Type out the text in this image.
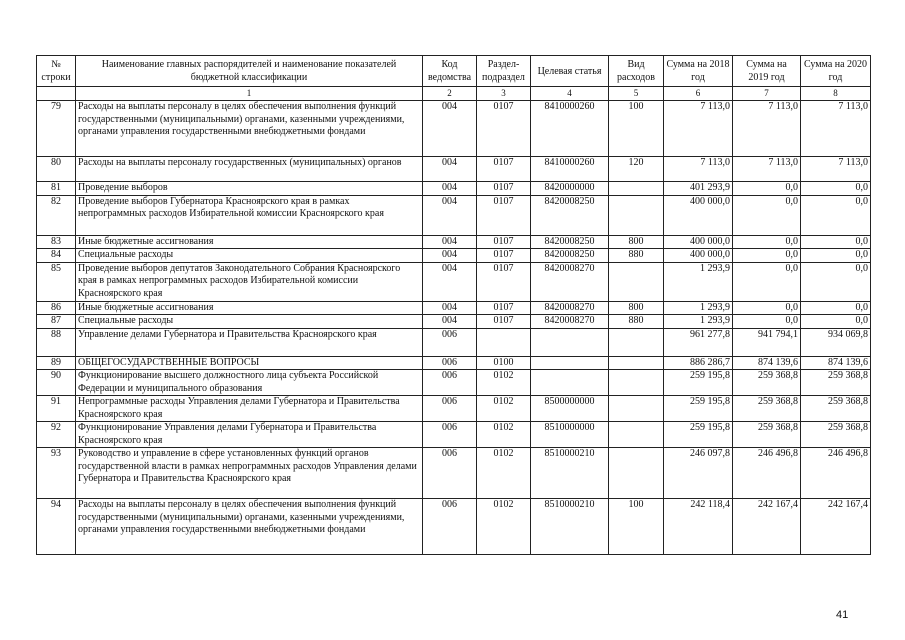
№ строки	Наименование главных распорядителей и наименование показателей бюджетной классификации	Код ведомства	Раздел-подраздел	Целевая статья	Вид расходов	Сумма на 2018 год	Сумма на 2019 год	Сумма на 2020 год
	1	2	3	4	5	6	7	8
79	Расходы на выплаты персоналу в целях обеспечения выполнения функций государственными (муниципальными) органами, казенными учреждениями, органами управления государственными внебюджетными фондами	004	0107	8410000260	100	7 113,0	7 113,0	7 113,0
80	Расходы на выплаты персоналу государственных (муниципальных) органов	004	0107	8410000260	120	7 113,0	7 113,0	7 113,0
81	Проведение выборов	004	0107	8420000000		401 293,9	0,0	0,0
82	Проведение выборов Губернатора Красноярского края в рамках непрограммных расходов Избирательной комиссии Красноярского края	004	0107	8420008250		400 000,0	0,0	0,0
83	Иные бюджетные ассигнования	004	0107	8420008250	800	400 000,0	0,0	0,0
84	Специальные расходы	004	0107	8420008250	880	400 000,0	0,0	0,0
85	Проведение выборов депутатов Законодательного Собрания Красноярского края в рамках непрограммных расходов Избирательной комиссии Красноярского края	004	0107	8420008270		1 293,9	0,0	0,0
86	Иные бюджетные ассигнования	004	0107	8420008270	800	1 293,9	0,0	0,0
87	Специальные расходы	004	0107	8420008270	880	1 293,9	0,0	0,0
88	Управление делами Губернатора и Правительства Красноярского края	006				961 277,8	941 794,1	934 069,8
89	ОБЩЕГОСУДАРСТВЕННЫЕ ВОПРОСЫ	006	0100			886 286,7	874 139,6	874 139,6
90	Функционирование высшего должностного лица субъекта Российской Федерации и муниципального образования	006	0102			259 195,8	259 368,8	259 368,8
91	Непрограммные расходы Управления делами Губернатора и Правительства Красноярского края	006	0102	8500000000		259 195,8	259 368,8	259 368,8
92	Функционирование Управления делами Губернатора и Правительства Красноярского края	006	0102	8510000000		259 195,8	259 368,8	259 368,8
93	Руководство и управление в сфере установленных функций органов государственной власти в рамках непрограммных расходов Управления делами Губернатора и Правительства Красноярского края	006	0102	8510000210		246 097,8	246 496,8	246 496,8
94	Расходы на выплаты персоналу в целях обеспечения выполнения функций государственными (муниципальными) органами, казенными учреждениями, органами управления государственными внебюджетными фондами	006	0102	8510000210	100	242 118,4	242 167,4	242 167,4
41
